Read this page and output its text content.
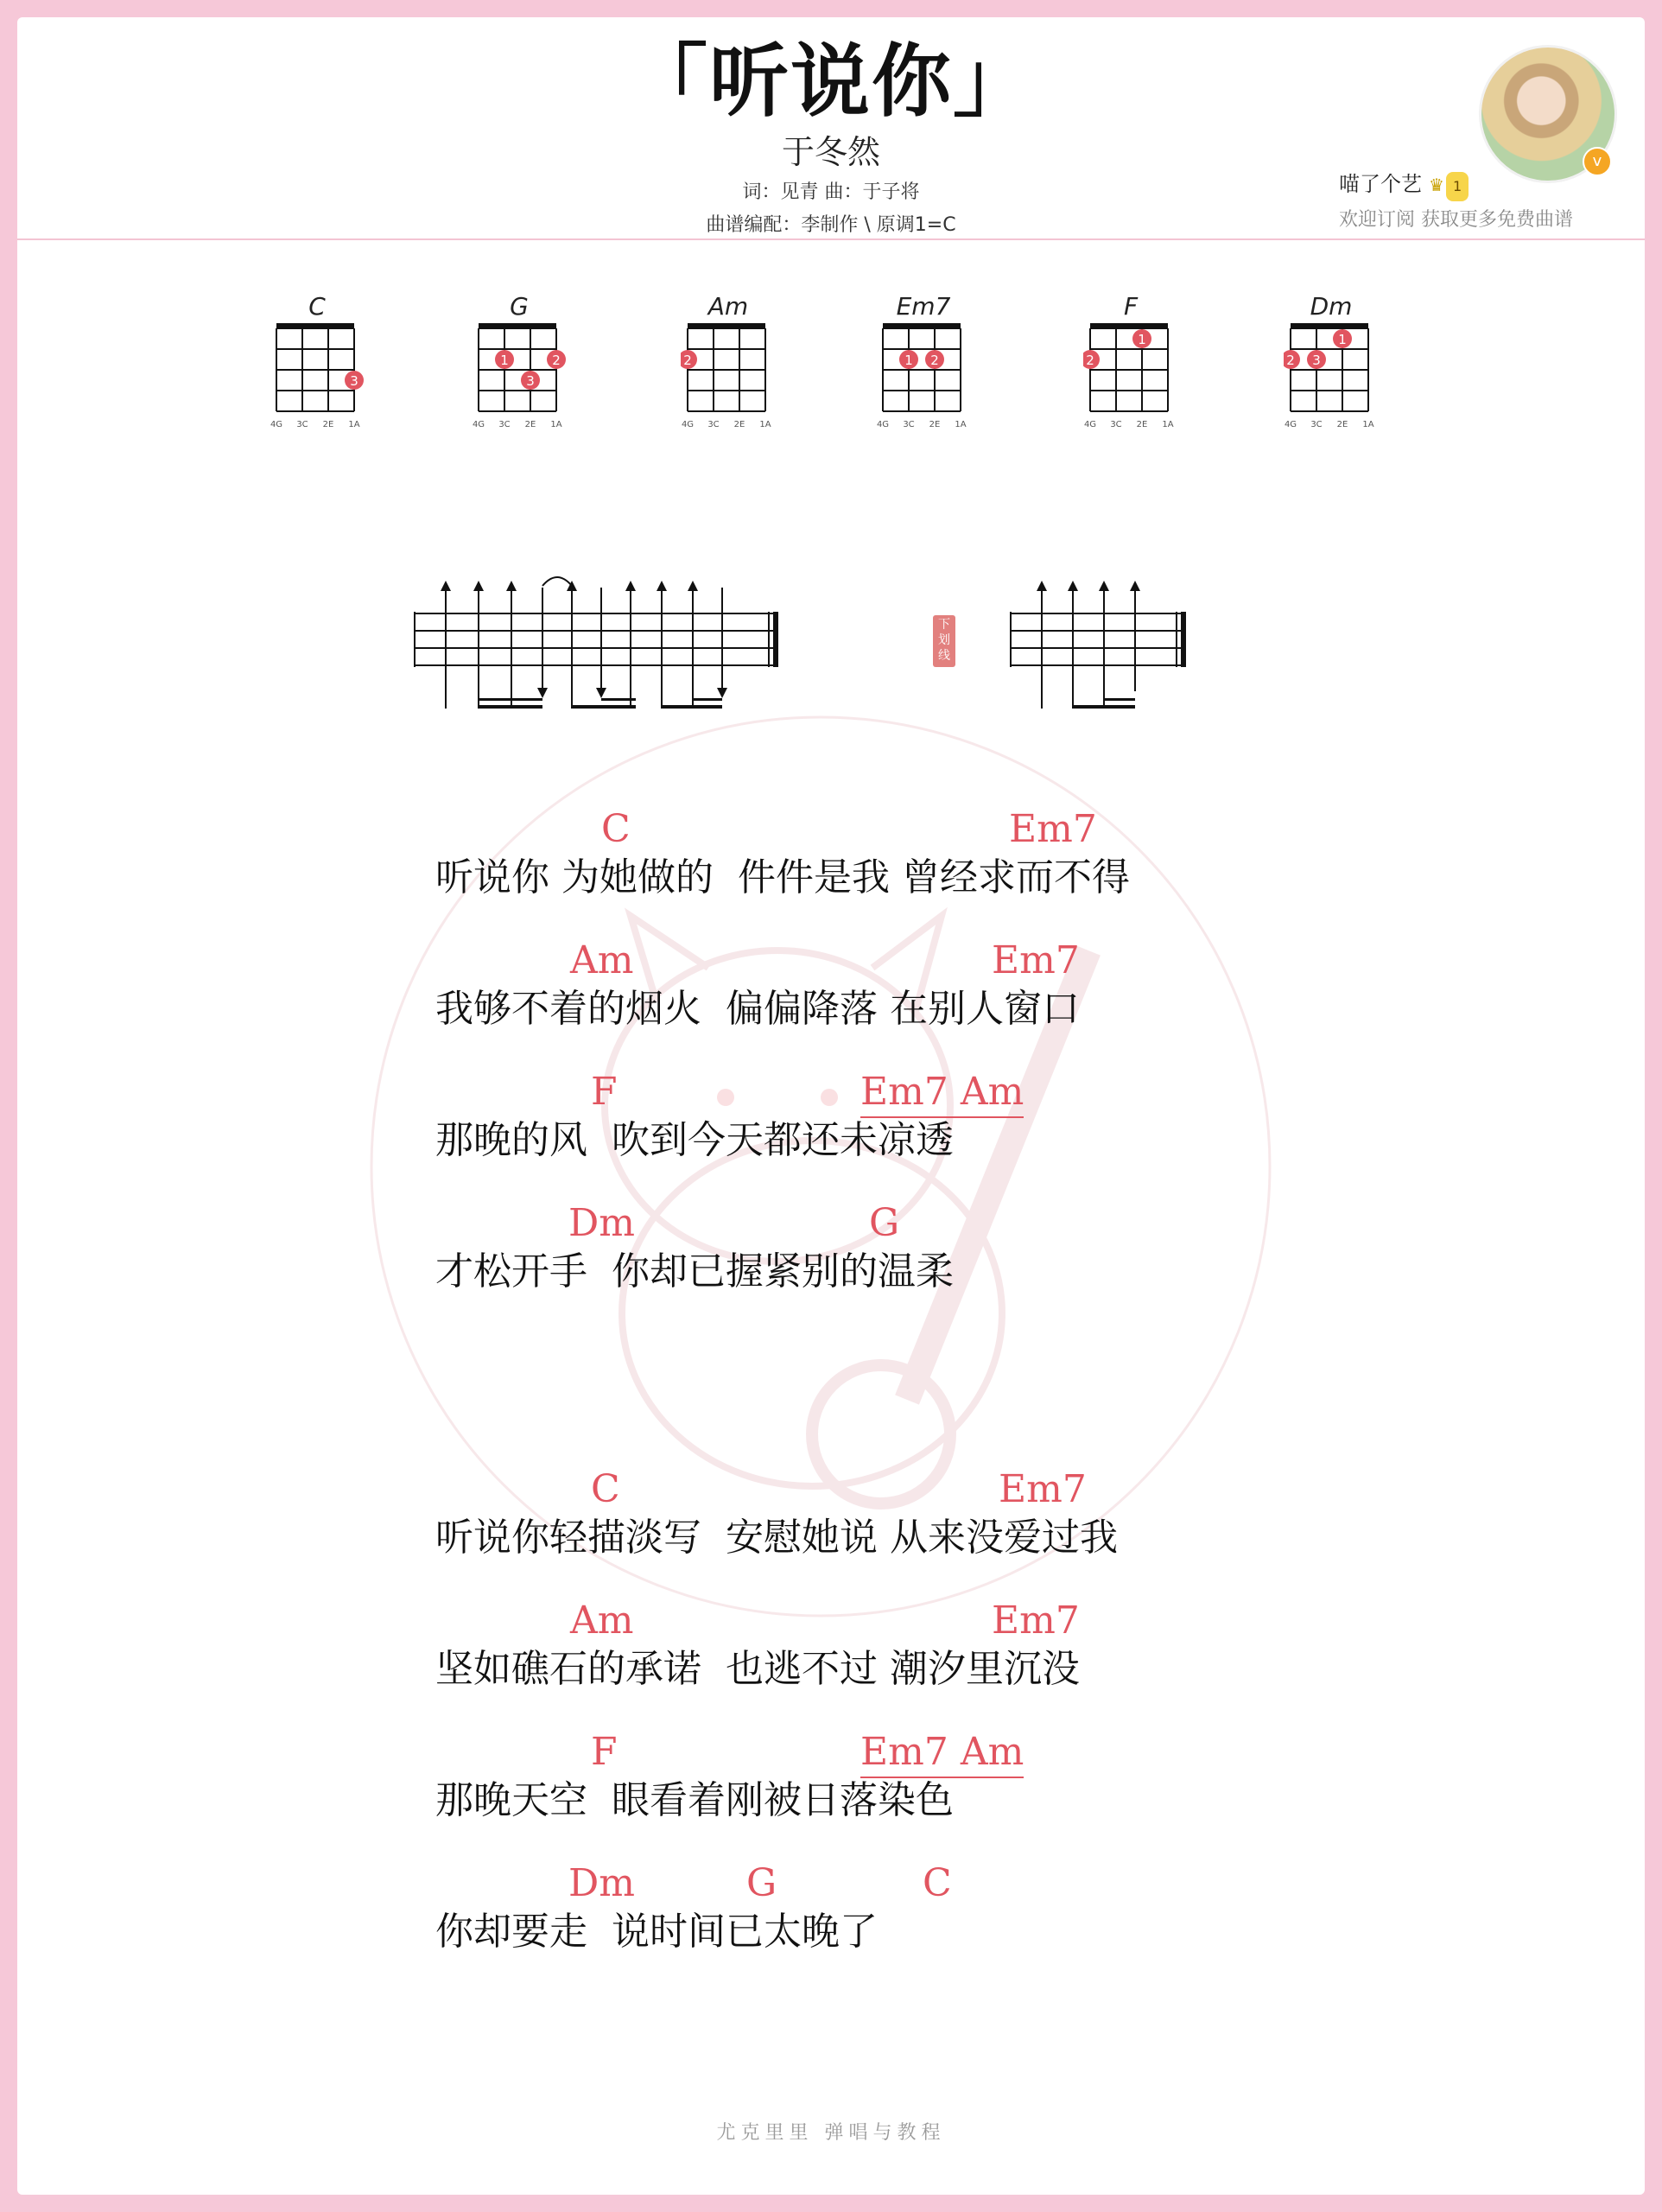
「听说你」
于冬然
词：见青 曲：于子将
曲谱编配：李制作 \ 原调1=C
v
喵了个艺 ♛ 1
欢迎订阅 获取更多免费曲谱
C
3
4G 3C 2E 1A
G
1	2
3
4G 3C 2E 1A
Am
2
4G 3C 2E 1A
Em7
1 2
4G 3C 2E 1A
F
1
2
4G 3C 2E 1A
Dm
1
2 3
4G 3C 2E 1A
下划线
C	Em7
听说你 为她做的  件件是我 曾经求而不得
Am	Em7
我够不着的烟火  偏偏降落 在别人窗口
F	Em7 Am
那晚的风  吹到今天都还未凉透
Dm	G
才松开手  你却已握紧别的温柔
C	Em7
听说你轻描淡写  安慰她说 从来没爱过我
Am	Em7
坚如礁石的承诺  也逃不过 潮汐里沉没
F	Em7 Am
那晚天空  眼看着刚被日落染色
Dm	G	C
你却要走  说时间已太晚了
尤克里里 弹唱与教程
